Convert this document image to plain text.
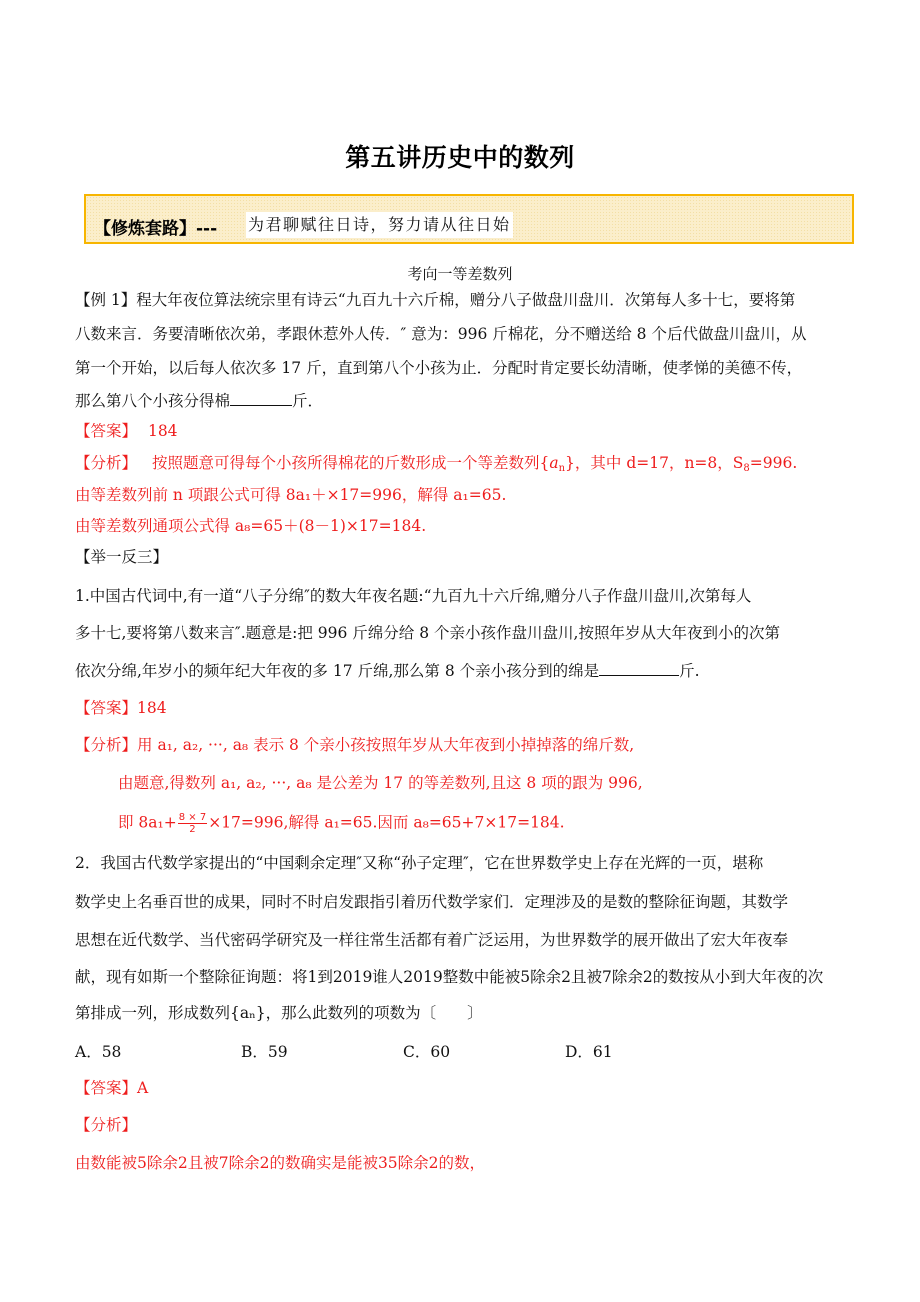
第五讲历史中的数列
【修炼套路】--- 为君聊赋往日诗，努力请从往日始
考向一等差数列
【例 1】程大年夜位算法统宗里有诗云“九百九十六斤棉，赠分八子做盘川盘川．次第每人多十七，要将第
八数来言．务要清晰依次弟，孝跟休惹外人传．″ 意为：996 斤棉花，分不赠送给 8 个后代做盘川盘川，从
第一个开始，以后每人依次多 17 斤，直到第八个小孩为止．分配时肯定要长幼清晰，使孝悌的美德不传，
那么第八个小孩分得棉	斤．
【答案】 184
【分析】 按照题意可得每个小孩所得棉花的斤数形成一个等差数列$\{a_n\}$，其中 d=17，n=8，$S_8=996$.
由等差数列前 n 项跟公式可得 8a₁＋×17=996，解得 a₁=65.
由等差数列通项公式得 a₈=65＋(8－1)×17=184.
【举一反三】
1.中国古代词中,有一道“八子分绵″的数大年夜名题:“九百九十六斤绵,赠分八子作盘川盘川,次第每人
多十七,要将第八数来言″.题意是:把 996 斤绵分给 8 个亲小孩作盘川盘川,按照年岁从大年夜到小的次第
依次分绵,年岁小的频年纪大年夜的多 17 斤绵,那么第 8 个亲小孩分到的绵是	斤.
【答案】184
【分析】用 a₁, a₂, ···, a₈ 表示 8 个亲小孩按照年岁从大年夜到小掉掉落的绵斤数,
由题意,得数列 a₁, a₂, ···, a₈ 是公差为 17 的等差数列,且这 8 项的跟为 996,
即 $8a_1+ \frac{8 \times 7}{2} \times 17=996$,解得 a₁=65.因而 a₈=65+7×17=184.
2．我国古代数学家提出的“中国剩余定理″又称“孙子定理″，它在世界数学史上存在光辉的一页，堪称
数学史上名垂百世的成果，同时不时启发跟指引着历代数学家们．定理涉及的是数的整除征询题，其数学
思想在近代数学、当代密码学研究及一样往常生活都有着广泛运用，为世界数学的展开做出了宏大年夜奉
献，现有如斯一个整除征询题：将1到2019谁人2019整数中能被5除余2且被7除余2的数按从小到大年夜的次
第排成一列，形成数列{aₙ}，那么此数列的项数为〔　　〕
A．58	B．59	C．60	D．61
【答案】A
【分析】
由数能被5除余2且被7除余2的数确实是能被35除余2的数，
